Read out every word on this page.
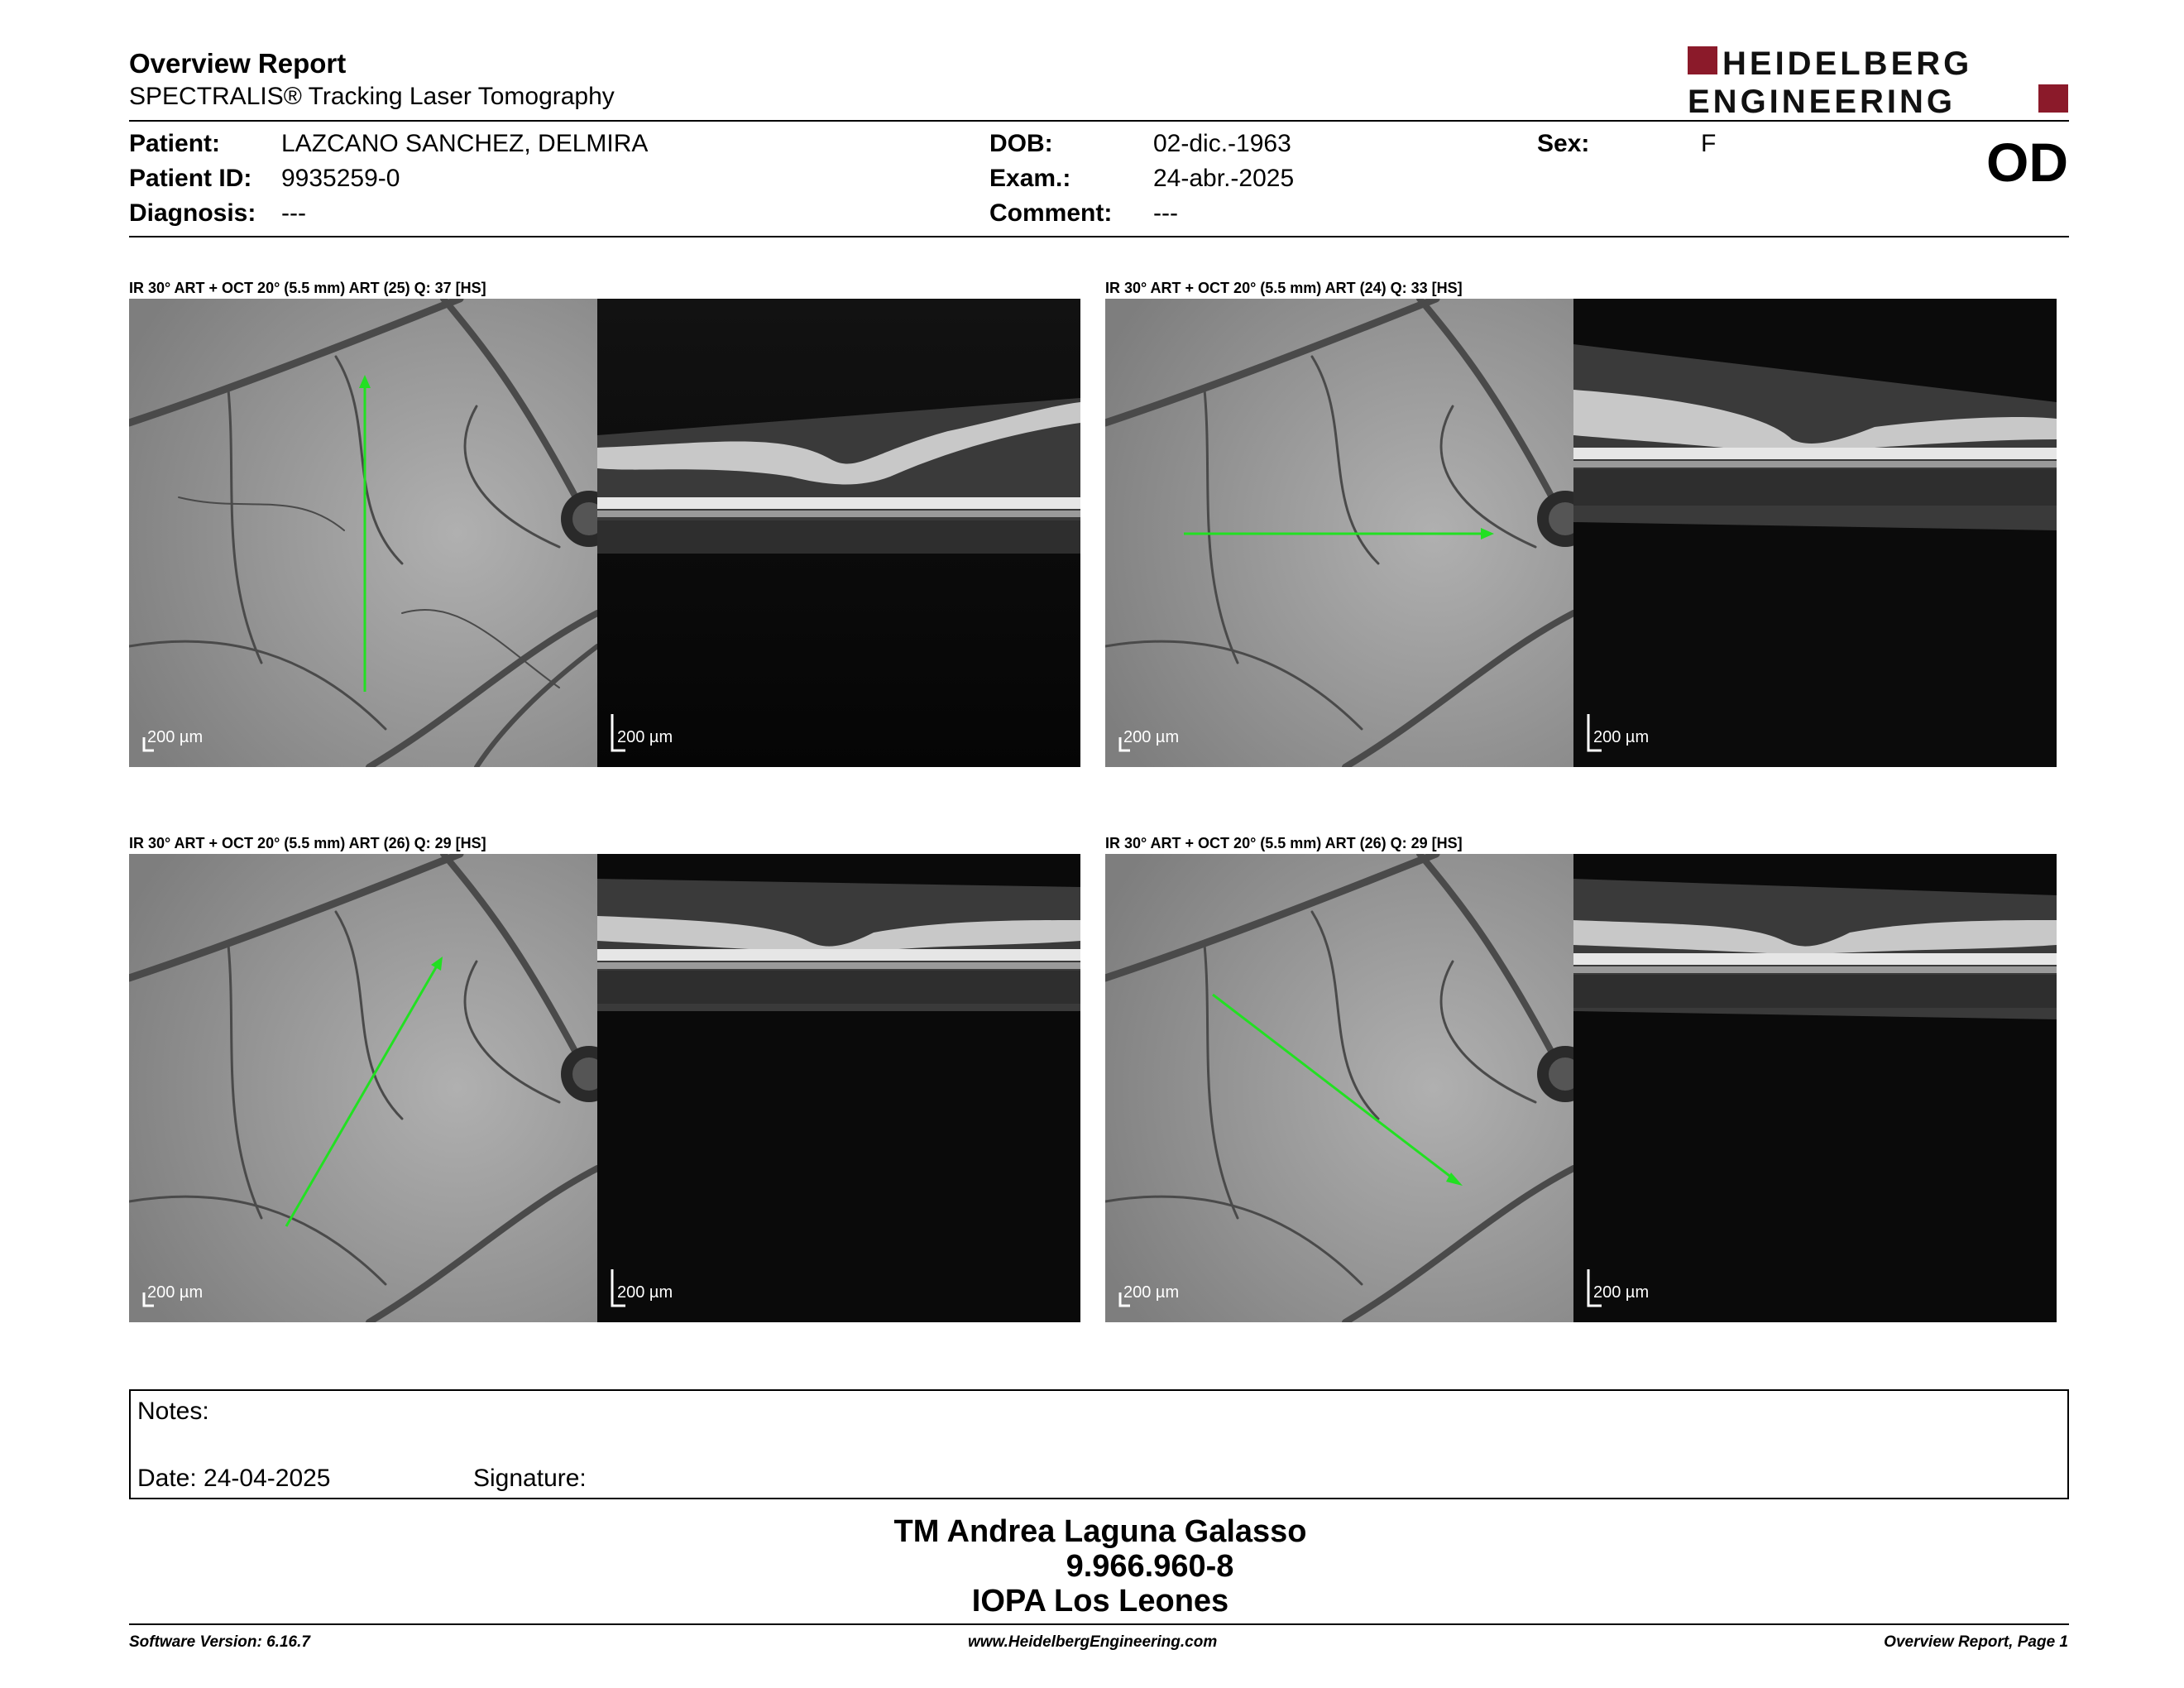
Overview Report
SPECTRALIS® Tracking Laser Tomography
HEIDELBERG
ENGINEERING
Patient: LAZCANO SANCHEZ, DELMIRA
Patient ID: 9935259-0
Diagnosis: ---
DOB:	02-dic.-1963
Exam.:	24-abr.-2025
Comment: ---
Sex:	F	OD
IR 30° ART + OCT 20° (5.5 mm) ART (25) Q: 37 [HS]
200 µm	200 µm
IR 30° ART + OCT 20° (5.5 mm) ART (24) Q: 33 [HS]
200 µm	200 µm
IR 30° ART + OCT 20° (5.5 mm) ART (26) Q: 29 [HS]
200 µm	200 µm
IR 30° ART + OCT 20° (5.5 mm) ART (26) Q: 29 [HS]
200 µm	200 µm
Notes:
Date: 24-04-2025	Signature:
TM Andrea Laguna Galasso
9.966.960-8
IOPA Los Leones
Software Version: 6.16.7	www.HeidelbergEngineering.com	Overview Report, Page 1
